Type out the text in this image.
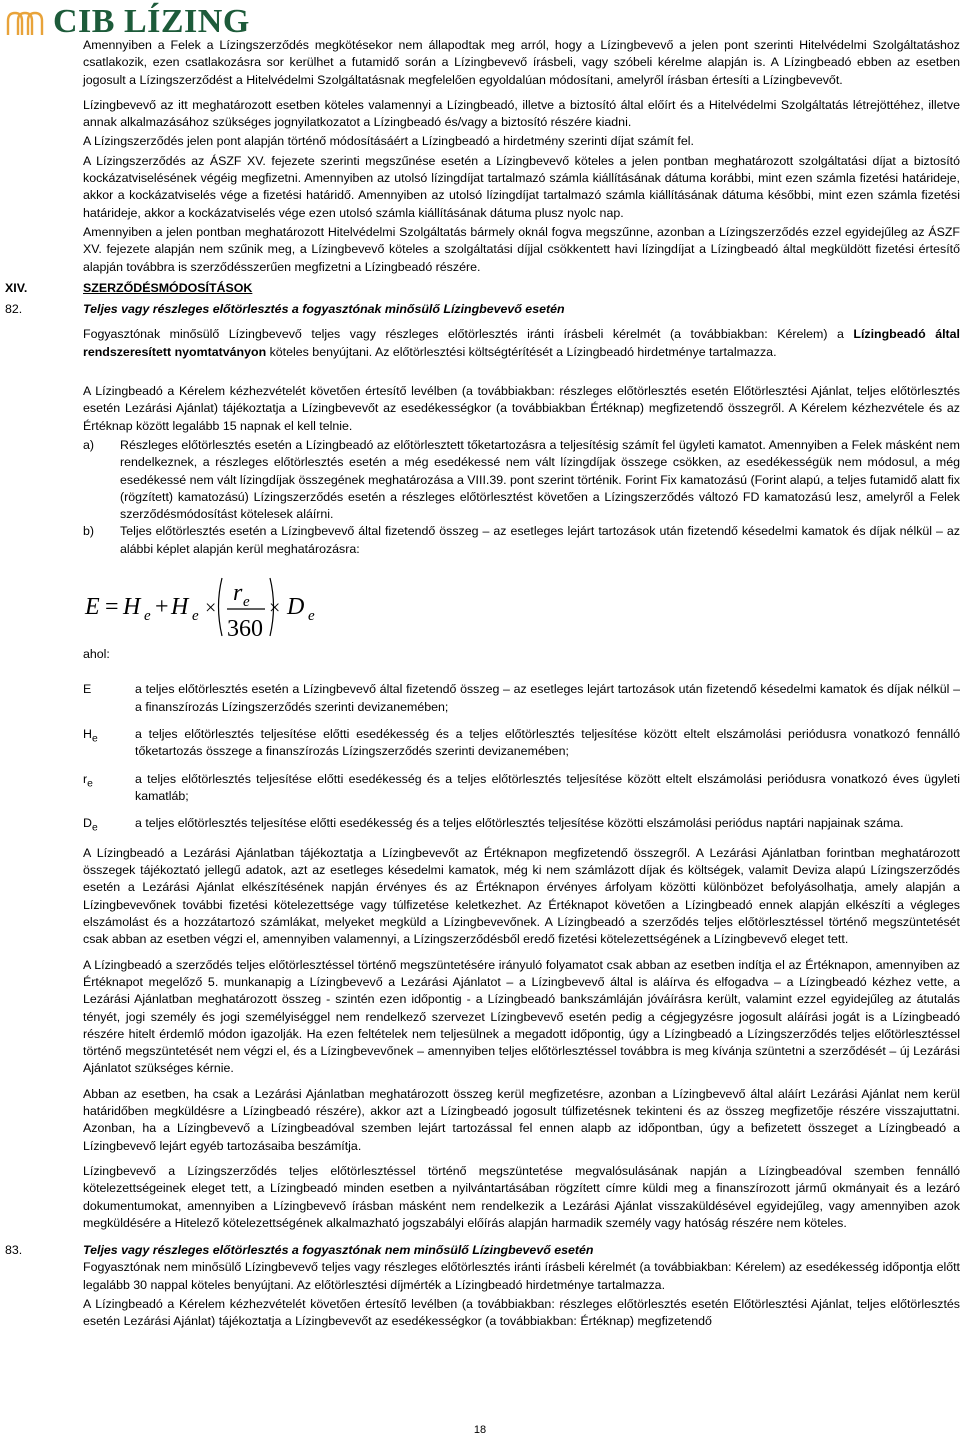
CIB LÍZING

Amennyiben a Felek a Lízingszerződés megkötésekor nem állapodtak meg arról, hogy a Lízingbevevő a jelen pont szerinti Hitelvédelmi Szolgáltatáshoz csatlakozik, ezen csatlakozásra sor kerülhet a futamidő során a Lízingbevevő írásbeli, vagy szóbeli kérelme alapján is. A Lízingbeadó ebben az esetben jogosult a Lízingszerződést a Hitelvédelmi Szolgáltatásnak megfelelően egyoldalúan módosítani, amelyről írásban értesíti a Lízingbevevőt.

Lízingbevevő az itt meghatározott esetben köteles valamennyi a Lízingbeadó, illetve a biztosító által előírt és a Hitelvédelmi Szolgáltatás létrejöttéhez, illetve annak alkalmazásához szükséges jognyilatkozatot a Lízingbeadó és/vagy a biztosító részére kiadni.

A Lízingszerződés jelen pont alapján történő módosításáért a Lízingbeadó a hirdetmény szerinti díjat számít fel.

A Lízingszerződés az ÁSZF XV. fejezete szerinti megszűnése esetén a Lízingbevevő köteles a jelen pontban meghatározott szolgáltatási díjat a biztosító kockázatviselésének végéig megfizetni. Amennyiben az utolsó lízingdíjat tartalmazó számla kiállításának dátuma korábbi, mint ezen számla fizetési határideje, akkor a kockázatviselés vége a fizetési határidő. Amennyiben az utolsó lízingdíjat tartalmazó számla kiállításának dátuma későbbi, mint ezen számla fizetési határideje, akkor a kockázatviselés vége ezen utolsó számla kiállításának dátuma plusz nyolc nap.

Amennyiben a jelen pontban meghatározott Hitelvédelmi Szolgáltatás bármely oknál fogva megszűnne, azonban a Lízingszerződés ezzel egyidejűleg az ÁSZF XV. fejezete alapján nem szűnik meg, a Lízingbevevő köteles a szolgáltatási díjjal csökkentett havi lízingdíjat a Lízingbeadó által megküldött fizetési értesítő alapján továbbra is szerződésszerűen megfizetni a Lízingbeadó részére.

XIV.	SZERZŐDÉSMÓDOSÍTÁSOK
82.	Teljes vagy részleges előtörlesztés a fogyasztónak minősülő Lízingbevevő esetén

Fogyasztónak minősülő Lízingbevevő teljes vagy részleges előtörlesztés iránti írásbeli kérelmét (a továbbiakban: Kérelem) a Lízingbeadó által rendszeresített nyomtatványon köteles benyújtani. Az előtörlesztési költségtérítését a Lízingbeadó hirdetménye tartalmazza.

A Lízingbeadó a Kérelem kézhezvételét követően értesítő levélben (a továbbiakban: részleges előtörlesztés esetén Előtörlesztési Ajánlat, teljes előtörlesztés esetén Lezárási Ajánlat) tájékoztatja a Lízingbevevőt az esedékességkor (a továbbiakban Értéknap) megfizetendő összegről. A Kérelem kézhezvétele és az Értéknap között legalább 15 napnak el kell telnie.

a)	Részleges előtörlesztés esetén a Lízingbeadó az előtörlesztett tőketartozásra a teljesítésig számít fel ügyleti kamatot. Amennyiben a Felek másként nem rendelkeznek, a részleges előtörlesztés esetén a még esedékessé nem vált lízingdíjak összege csökken, az esedékességük nem módosul, a még esedékessé nem vált lízingdíjak összegének meghatározása a VIII.39. pont szerint történik. Forint Fix kamatozású (Forint alapú, a teljes futamidő alatt fix (rögzített) kamatozású) Lízingszerződés esetén a részleges előtörlesztést követően a Lízingszerződés változó FD kamatozású lesz, amelyről a Felek szerződésmódosítást kötelesek aláírni.
b)	Teljes előtörlesztés esetén a Lízingbevevő által fizetendő összeg – az esetleges lejárt tartozások után fizetendő késedelmi kamatok és díjak nélkül – az alábbi képlet alapján kerül meghatározásra:
E = H e + H e ×
r e
360
× D e

ahol:

E	a teljes előtörlesztés esetén a Lízingbevevő által fizetendő összeg – az esetleges lejárt tartozások után fizetendő késedelmi kamatok és díjak nélkül – a finanszírozás Lízingszerződés szerinti devizanemében;
$H_e$	a teljes előtörlesztés teljesítése előtti esedékesség és a teljes előtörlesztés teljesítése között eltelt elszámolási periódusra vonatkozó fennálló tőketartozás összege a finanszírozás Lízingszerződés szerinti devizanemében;
$r_e$	a teljes előtörlesztés teljesítése előtti esedékesség és a teljes előtörlesztés teljesítése között eltelt elszámolási periódusra vonatkozó éves ügyleti kamatláb;
$D_e$	a teljes előtörlesztés teljesítése előtti esedékesség és a teljes előtörlesztés teljesítése közötti elszámolási periódus naptári napjainak száma.

A Lízingbeadó a Lezárási Ajánlatban tájékoztatja a Lízingbevevőt az Értéknapon megfizetendő összegről. A Lezárási Ajánlatban forintban meghatározott összegek tájékoztató jellegű adatok, azt az esetleges késedelmi kamatok, még ki nem számlázott díjak és költségek, valamit Deviza alapú Lízingszerződés esetén a Lezárási Ajánlat elkészítésének napján érvényes és az Értéknapon érvényes árfolyam közötti különbözet befolyásolhatja, amely alapján a Lízingbevevőnek további fizetési kötelezettsége vagy túlfizetése keletkezhet. Az Értéknapot követően a Lízingbeadó ennek alapján elkészíti a végleges elszámolást és a hozzátartozó számlákat, melyeket megküld a Lízingbevevőnek. A Lízingbeadó a szerződés teljes előtörlesztéssel történő megszüntetését csak abban az esetben végzi el, amennyiben valamennyi, a Lízingszerződésből eredő fizetési kötelezettségének a Lízingbevevő eleget tett.

A Lízingbeadó a szerződés teljes előtörlesztéssel történő megszüntetésére irányuló folyamatot csak abban az esetben indítja el az Értéknapon, amennyiben az Értéknapot megelőző 5. munkanapig a Lízingbevevő a Lezárási Ajánlatot – a Lízingbevevő által is aláírva és elfogadva – a Lízingbeadó kézhez vette, a Lezárási Ajánlatban meghatározott összeg - szintén ezen időpontig - a Lízingbeadó bankszámláján jóváírásra került, valamint ezzel egyidejűleg az átutalás tényét, jogi személy és jogi személyiséggel nem rendelkező szervezet Lízingbevevő esetén pedig a cégjegyzésre jogosult aláírási jogát is a Lízingbeadó részére hitelt érdemlő módon igazolják. Ha ezen feltételek nem teljesülnek a megadott időpontig, úgy a Lízingbeadó a Lízingszerződés teljes előtörlesztéssel történő megszüntetését nem végzi el, és a Lízingbevevőnek – amennyiben teljes előtörlesztéssel továbbra is meg kívánja szüntetni a szerződését – új Lezárási Ajánlatot szükséges kérnie.

Abban az esetben, ha csak a Lezárási Ajánlatban meghatározott összeg kerül megfizetésre, azonban a Lízingbevevő által aláírt Lezárási Ajánlat nem kerül határidőben megküldésre a Lízingbeadó részére), akkor azt a Lízingbeadó jogosult túlfizetésnek tekinteni és az összeg megfizetője részére visszajuttatni. Azonban, ha a Lízingbevevő a Lízingbeadóval szemben lejárt tartozással fel ennen alapb az időpontban, úgy a befizetett összeget a Lízingbeadó a Lízingbevevő lejárt egyéb tartozásaiba beszámítja.

Lízingbevevő a Lízingszerződés teljes előtörlesztéssel történő megszüntetése megvalósulásának napján a Lízingbeadóval szemben fennálló kötelezettségeinek eleget tett, a Lízingbeadó minden esetben a nyilvántartásában rögzített címre küldi meg a finanszírozott jármű okmányait és a lezáró dokumentumokat, amennyiben a Lízingbevevő írásban másként nem rendelkezik a Lezárási Ajánlat visszaküldésével egyidejűleg, vagy amennyiben azok megküldésére a Hitelező kötelezettségének alkalmazható jogszabályi előírás alapján harmadik személy vagy hatóság részére nem köteles.

83.	Teljes vagy részleges előtörlesztés a fogyasztónak nem minősülő Lízingbevevő esetén

Fogyasztónak nem minősülő Lízingbevevő teljes vagy részleges előtörlesztés iránti írásbeli kérelmét (a továbbiakban: Kérelem) az esedékesség időpontja előtt legalább 30 nappal köteles benyújtani. Az előtörlesztési díjmérték a Lízingbeadó hirdetménye tartalmazza.

A Lízingbeadó a Kérelem kézhezvételét követően értesítő levélben (a továbbiakban: részleges előtörlesztés esetén Előtörlesztési Ajánlat, teljes előtörlesztés esetén Lezárási Ajánlat) tájékoztatja a Lízingbevevőt az esedékességkor (a továbbiakban: Értéknap) megfizetendő

18
